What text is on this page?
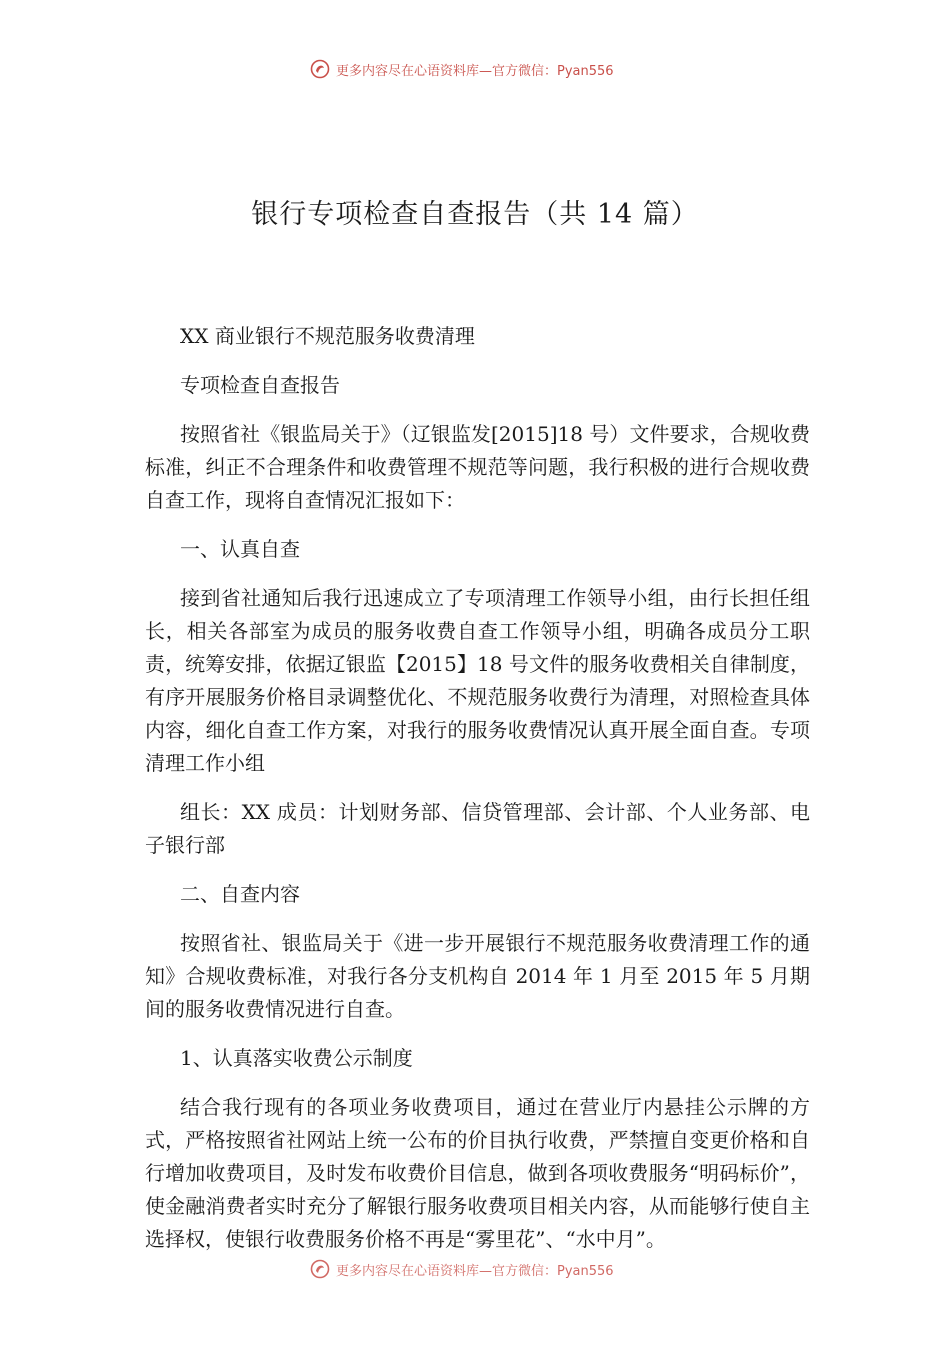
更多内容尽在心语资料库—官方微信：Pyan556
银行专项检查自查报告（共 14 篇）

XX 商业银行不规范服务收费清理

专项检查自查报告

按照省社《银监局关于》（辽银监发[2015]18 号）文件要求，合规收费标准，纠正不合理条件和收费管理不规范等问题，我行积极的进行合规收费自查工作，现将自查情况汇报如下：

一、认真自查

接到省社通知后我行迅速成立了专项清理工作领导小组，由行长担任组长，相关各部室为成员的服务收费自查工作领导小组，明确各成员分工职责，统筹安排，依据辽银监【2015】18 号文件的服务收费相关自律制度，有序开展服务价格目录调整优化、不规范服务收费行为清理，对照检查具体内容，细化自查工作方案，对我行的服务收费情况认真开展全面自查。专项清理工作小组

组长：XX 成员：计划财务部、信贷管理部、会计部、个人业务部、电子银行部

二、自查内容

按照省社、银监局关于《进一步开展银行不规范服务收费清理工作的通知》合规收费标准，对我行各分支机构自 2014 年 1 月至 2015 年 5 月期间的服务收费情况进行自查。

1、认真落实收费公示制度

结合我行现有的各项业务收费项目，通过在营业厅内悬挂公示牌的方式，严格按照省社网站上统一公布的价目执行收费，严禁擅自变更价格和自行增加收费项目，及时发布收费价目信息，做到各项收费服务“明码标价”，使金融消费者实时充分了解银行服务收费项目相关内容，从而能够行使自主选择权，使银行收费服务价格不再是“雾里花”、“水中月”。

更多内容尽在心语资料库—官方微信：Pyan556
